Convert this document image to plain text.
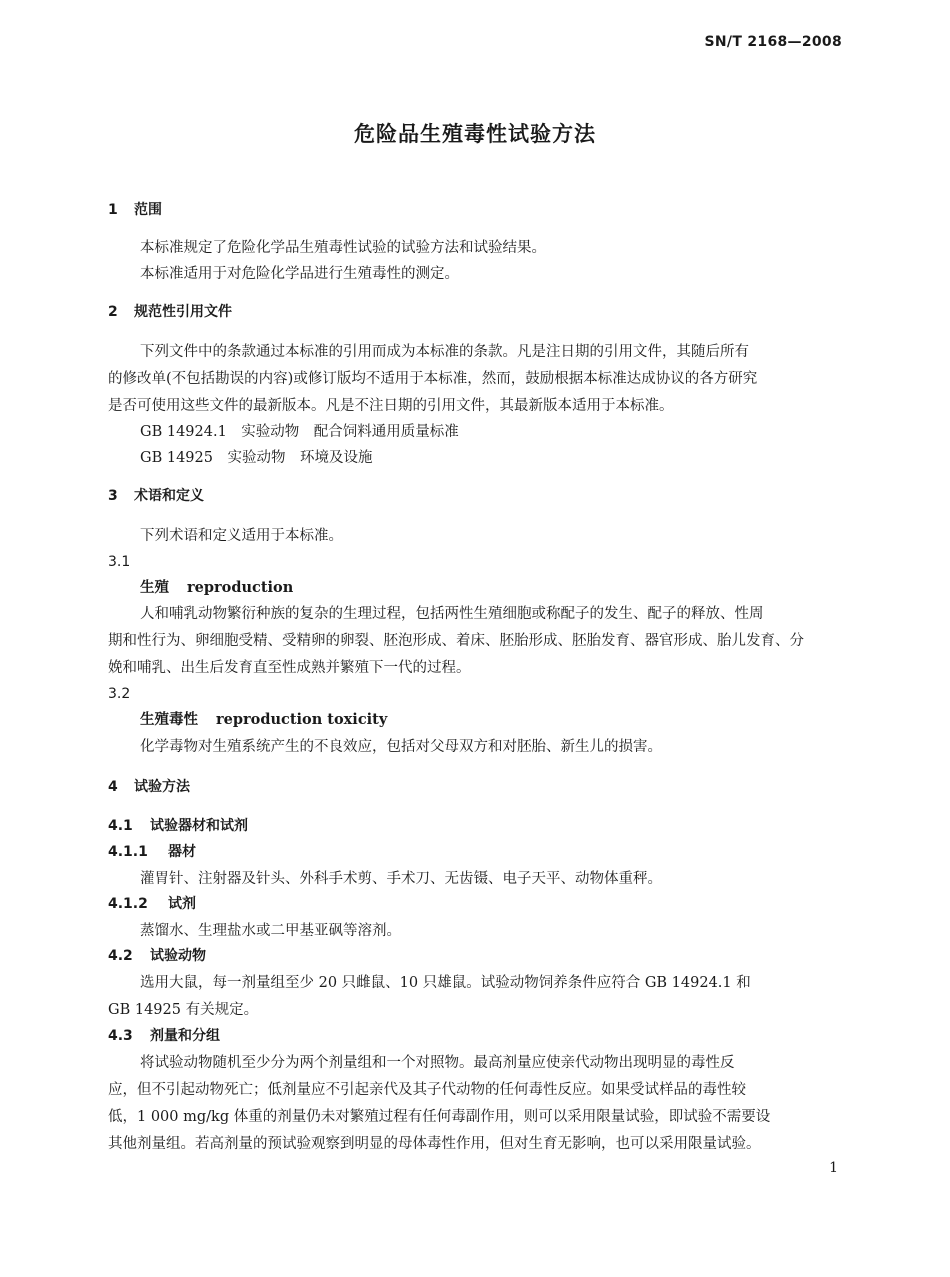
SN/T 2168—2008
危险品生殖毒性试验方法
1 范围
本标准规定了危险化学品生殖毒性试验的试验方法和试验结果。
本标准适用于对危险化学品进行生殖毒性的测定。
2 规范性引用文件
下列文件中的条款通过本标准的引用而成为本标准的条款。凡是注日期的引用文件，其随后所有
的修改单(不包括勘误的内容)或修订版均不适用于本标准，然而，鼓励根据本标准达成协议的各方研究
是否可使用这些文件的最新版本。凡是不注日期的引用文件，其最新版本适用于本标准。
GB 14924.1　实验动物　配合饲料通用质量标准
GB 14925　实验动物　环境及设施
3 术语和定义
下列术语和定义适用于本标准。
3.1
生殖 reproduction
人和哺乳动物繁衍种族的复杂的生理过程，包括两性生殖细胞或称配子的发生、配子的释放、性周
期和性行为、卵细胞受精、受精卵的卵裂、胚泡形成、着床、胚胎形成、胚胎发育、器官形成、胎儿发育、分
娩和哺乳、出生后发育直至性成熟并繁殖下一代的过程。
3.2
生殖毒性 reproduction toxicity
化学毒物对生殖系统产生的不良效应，包括对父母双方和对胚胎、新生儿的损害。
4 试验方法
4.1 试验器材和试剂
4.1.1 器材
灌胃针、注射器及针头、外科手术剪、手术刀、无齿镊、电子天平、动物体重秤。
4.1.2 试剂
蒸馏水、生理盐水或二甲基亚砜等溶剂。
4.2 试验动物
选用大鼠，每一剂量组至少 20 只雌鼠、10 只雄鼠。试验动物饲养条件应符合 GB 14924.1 和
GB 14925 有关规定。
4.3 剂量和分组
将试验动物随机至少分为两个剂量组和一个对照物。最高剂量应使亲代动物出现明显的毒性反
应，但不引起动物死亡；低剂量应不引起亲代及其子代动物的任何毒性反应。如果受试样品的毒性较
低，1 000 mg/kg 体重的剂量仍未对繁殖过程有任何毒副作用，则可以采用限量试验，即试验不需要设
其他剂量组。若高剂量的预试验观察到明显的母体毒性作用，但对生育无影响，也可以采用限量试验。
1
